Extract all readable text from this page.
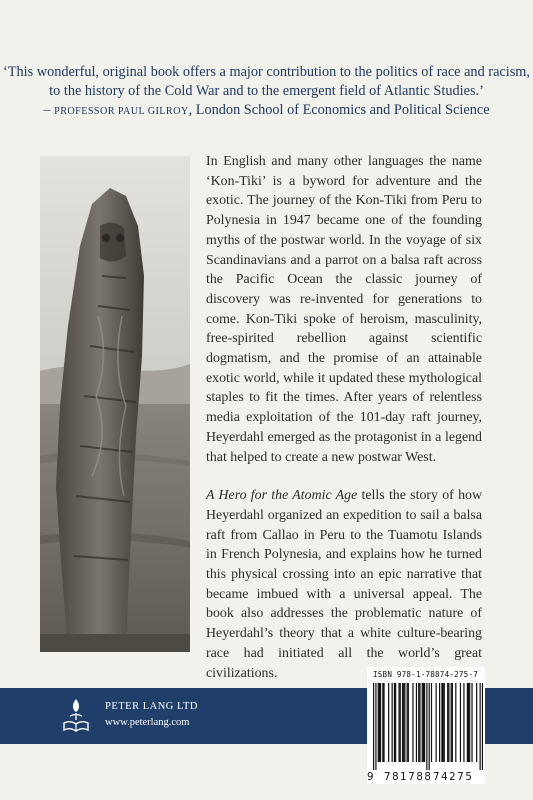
‘This wonderful, original book offers a major contribution to the politics of race and racism, to the history of the Cold War and to the emergent field of Atlantic Studies.’
– PROFESSOR PAUL GILROY, London School of Economics and Political Science

In English and many other languages the name ‘Kon-Tiki’ is a byword for adventure and the exotic. The journey of the Kon-Tiki from Peru to Polynesia in 1947 became one of the founding myths of the postwar world. In the voyage of six Scandinavians and a parrot on a balsa raft across the Pacific Ocean the classic journey of discovery was re-invented for generations to come. Kon-Tiki spoke of heroism, masculinity, free-spirited rebellion against scientific dogmatism, and the promise of an attainable exotic world, while it updated these mythological staples to fit the times. After years of relentless media exploitation of the 101-day raft journey, Heyerdahl emerged as the protagonist in a legend that helped to create a new postwar West.

A Hero for the Atomic Age tells the story of how Heyerdahl organized an expedition to sail a balsa raft from Callao in Peru to the Tuamotu Islands in French Polynesia, and explains how he turned this physical crossing into an epic narrative that became imbued with a universal appeal. The book also addresses the problematic nature of Heyerdahl’s theory that a white culture-bearing race had initiated all the world’s great civilizations.

PETER LANG LTD
www.peterlang.com
ISBN 978-1-78874-275-7
9 781788 74275
